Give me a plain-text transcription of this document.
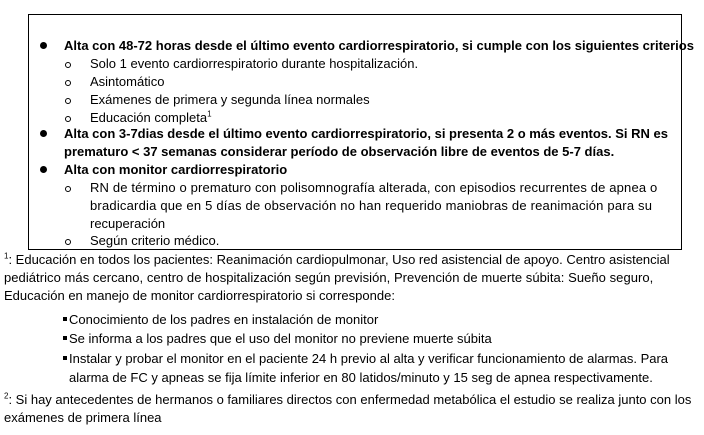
Alta con 48-72 horas desde el último evento cardiorrespiratorio, si cumple con los siguientes criterios
Solo 1 evento cardiorrespiratorio durante hospitalización.
Asintomático
Exámenes de primera y segunda línea normales
Educación completa$^1$
Alta con 3-7dias desde el último evento cardiorrespiratorio, si presenta 2 o más eventos. Si RN es
prematuro < 37 semanas considerar período de observación libre de eventos de 5-7 días.
Alta con monitor cardiorrespiratorio
RN de término o prematuro con polisomnografía alterada, con episodios recurrentes de apnea o
bradicardia que en 5 días de observación no han requerido maniobras de reanimación para su
recuperación
Según criterio médico.
$^1$: Educación en todos los pacientes: Reanimación cardiopulmonar, Uso red asistencial de apoyo. Centro asistencial
pediátrico más cercano, centro de hospitalización según previsión, Prevención de muerte súbita: Sueño seguro,
Educación en manejo de monitor cardiorrespiratorio si corresponde:
Conocimiento de los padres en instalación de monitor
Se informa a los padres que el uso del monitor no previene muerte súbita
Instalar y probar el monitor en el paciente 24 h previo al alta y verificar funcionamiento de alarmas. Para
alarma de FC y apneas se fija límite inferior en 80 latidos/minuto y 15 seg de apnea respectivamente.
$^2$: Si hay antecedentes de hermanos o familiares directos con enfermedad metabólica el estudio se realiza junto con los
exámenes de primera línea
